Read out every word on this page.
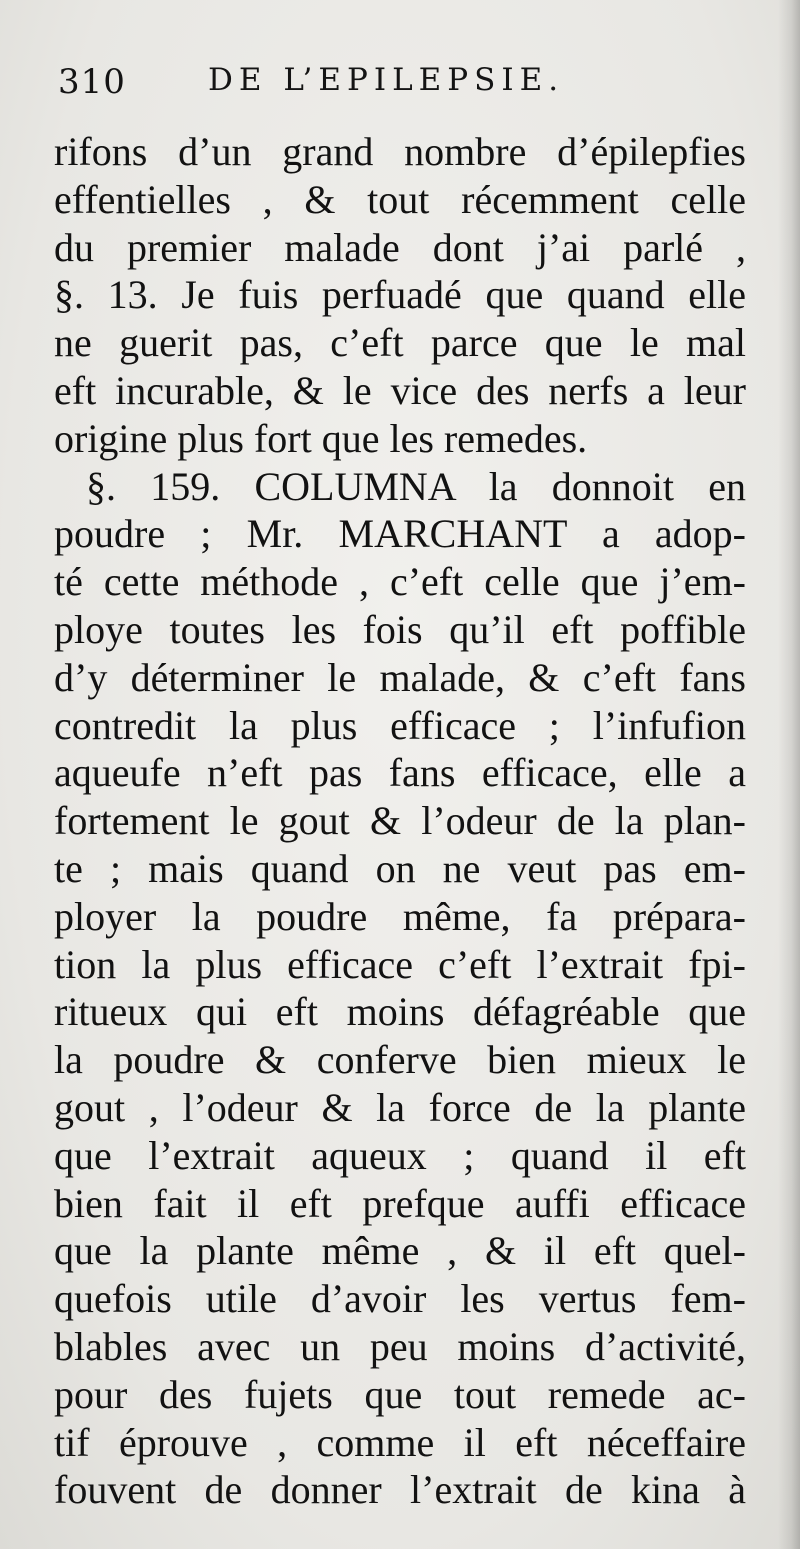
310	DE L’EPILEPSIE.
rifons d’un grand nombre d’épilepfies
effentielles , & tout récemment celle
du premier malade dont j’ai parlé ,
§. 13. Je fuis perfuadé que quand elle
ne guerit pas, c’eft parce que le mal
eft incurable, & le vice des nerfs a leur
origine plus fort que les remedes.
§. 159. COLUMNA la donnoit en
poudre ; Mr. MARCHANT a adop-
té cette méthode , c’eft celle que j’em-
ploye toutes les fois qu’il eft poffible
d’y déterminer le malade, & c’eft fans
contredit la plus efficace ; l’infufion
aqueufe n’eft pas fans efficace, elle a
fortement le gout & l’odeur de la plan-
te ; mais quand on ne veut pas em-
ployer la poudre même, fa prépara-
tion la plus efficace c’eft l’extrait fpi-
ritueux qui eft moins défagréable que
la poudre & conferve bien mieux le
gout , l’odeur & la force de la plante
que l’extrait aqueux ; quand il eft
bien fait il eft prefque auffi efficace
que la plante même , & il eft quel-
quefois utile d’avoir les vertus fem-
blables avec un peu moins d’activité,
pour des fujets que tout remede ac-
tif éprouve , comme il eft néceffaire
fouvent de donner l’extrait de kina à
